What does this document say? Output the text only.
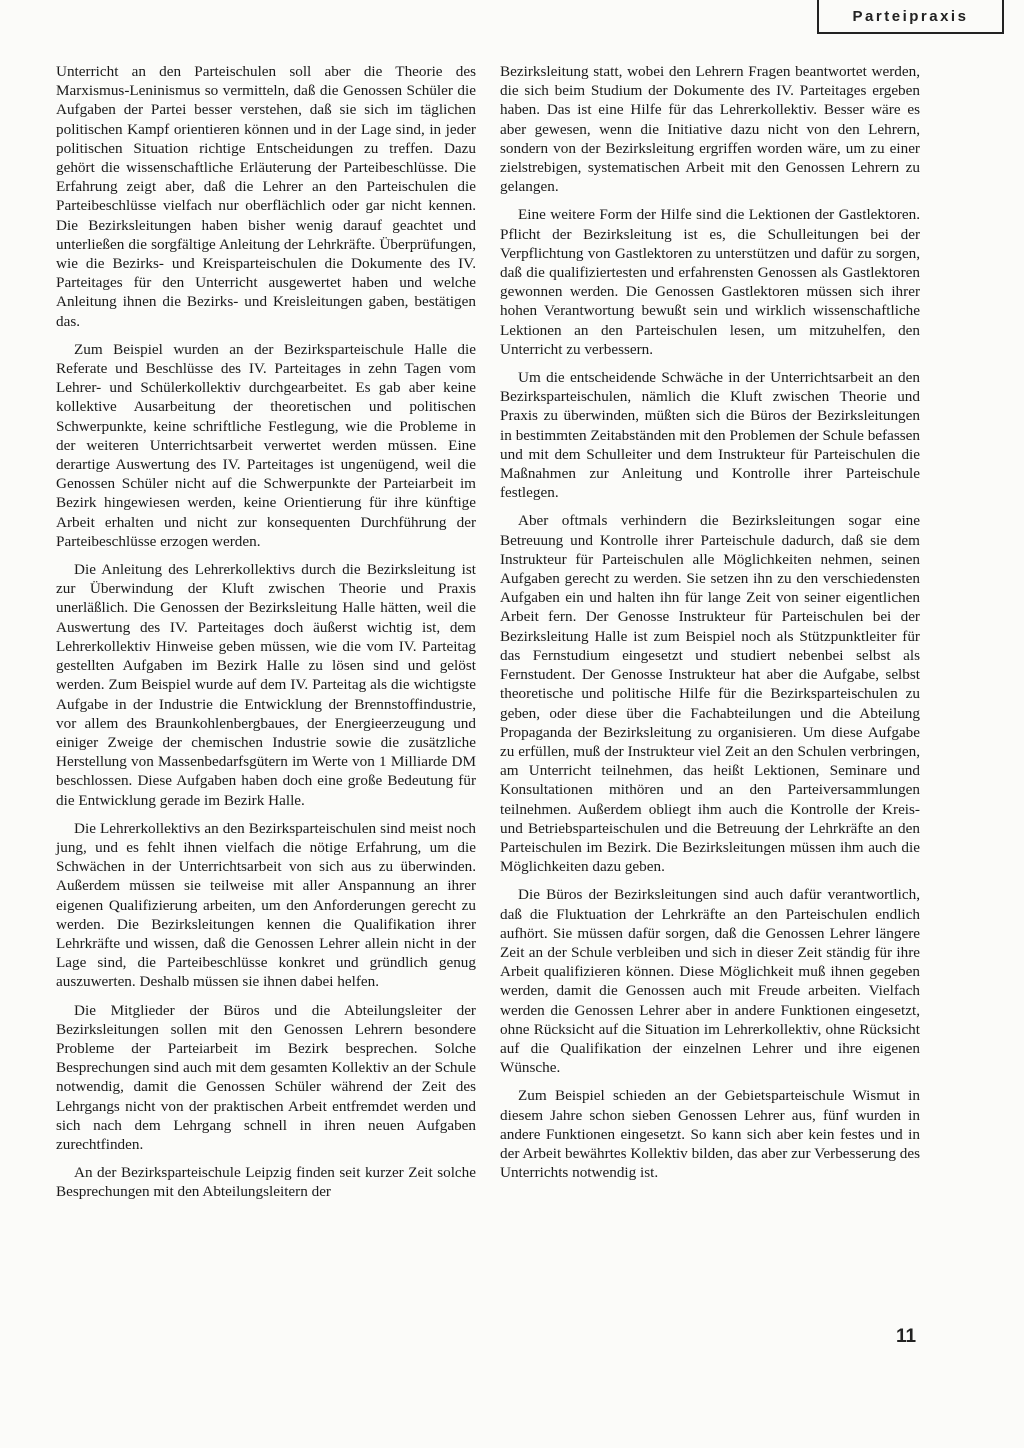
Parteipraxis

Unterricht an den Parteischulen soll aber die Theorie des Marxismus-Leninismus so vermitteln, daß die Genossen Schüler die Aufgaben der Partei besser verstehen, daß sie sich im täglichen politischen Kampf orientieren können und in der Lage sind, in jeder politischen Situation richtige Entscheidungen zu treffen. Dazu gehört die wissenschaftliche Erläuterung der Parteibeschlüsse. Die Erfahrung zeigt aber, daß die Lehrer an den Parteischulen die Parteibeschlüsse vielfach nur oberflächlich oder gar nicht kennen. Die Bezirksleitungen haben bisher wenig darauf geachtet und unterließen die sorgfältige Anleitung der Lehrkräfte. Überprüfungen, wie die Bezirks- und Kreisparteischulen die Dokumente des IV. Parteitages für den Unterricht ausgewertet haben und welche Anleitung ihnen die Bezirks- und Kreisleitungen gaben, bestätigen das.

Zum Beispiel wurden an der Bezirksparteischule Halle die Referate und Beschlüsse des IV. Parteitages in zehn Tagen vom Lehrer- und Schülerkollektiv durchgearbeitet. Es gab aber keine kollektive Ausarbeitung der theoretischen und politischen Schwerpunkte, keine schriftliche Festlegung, wie die Probleme in der weiteren Unterrichtsarbeit verwertet werden müssen. Eine derartige Auswertung des IV. Parteitages ist ungenügend, weil die Genossen Schüler nicht auf die Schwerpunkte der Parteiarbeit im Bezirk hingewiesen werden, keine Orientierung für ihre künftige Arbeit erhalten und nicht zur konsequenten Durchführung der Parteibeschlüsse erzogen werden.

Die Anleitung des Lehrerkollektivs durch die Bezirksleitung ist zur Überwindung der Kluft zwischen Theorie und Praxis unerläßlich. Die Genossen der Bezirksleitung Halle hätten, weil die Auswertung des IV. Parteitages doch äußerst wichtig ist, dem Lehrerkollektiv Hinweise geben müssen, wie die vom IV. Parteitag gestellten Aufgaben im Bezirk Halle zu lösen sind und gelöst werden. Zum Beispiel wurde auf dem IV. Parteitag als die wichtigste Aufgabe in der Industrie die Entwicklung der Brennstoffindustrie, vor allem des Braunkohlenbergbaues, der Energieerzeugung und einiger Zweige der chemischen Industrie sowie die zusätzliche Herstellung von Massenbedarfsgütern im Werte von 1 Milliarde DM beschlossen. Diese Aufgaben haben doch eine große Bedeutung für die Entwicklung gerade im Bezirk Halle.

Die Lehrerkollektivs an den Bezirksparteischulen sind meist noch jung, und es fehlt ihnen vielfach die nötige Erfahrung, um die Schwächen in der Unterrichtsarbeit von sich aus zu überwinden. Außerdem müssen sie teilweise mit aller Anspannung an ihrer eigenen Qualifizierung arbeiten, um den Anforderungen gerecht zu werden. Die Bezirksleitungen kennen die Qualifikation ihrer Lehrkräfte und wissen, daß die Genossen Lehrer allein nicht in der Lage sind, die Parteibeschlüsse konkret und gründlich genug auszuwerten. Deshalb müssen sie ihnen dabei helfen.

Die Mitglieder der Büros und die Abteilungsleiter der Bezirksleitungen sollen mit den Genossen Lehrern besondere Probleme der Parteiarbeit im Bezirk besprechen. Solche Besprechungen sind auch mit dem gesamten Kollektiv an der Schule notwendig, damit die Genossen Schüler während der Zeit des Lehrgangs nicht von der praktischen Arbeit entfremdet werden und sich nach dem Lehrgang schnell in ihren neuen Aufgaben zurechtfinden.

An der Bezirksparteischule Leipzig finden seit kurzer Zeit solche Besprechungen mit den Abteilungsleitern der

Bezirksleitung statt, wobei den Lehrern Fragen beantwortet werden, die sich beim Studium der Dokumente des IV. Parteitages ergeben haben. Das ist eine Hilfe für das Lehrerkollektiv. Besser wäre es aber gewesen, wenn die Initiative dazu nicht von den Lehrern, sondern von der Bezirksleitung ergriffen worden wäre, um zu einer zielstrebigen, systematischen Arbeit mit den Genossen Lehrern zu gelangen.

Eine weitere Form der Hilfe sind die Lektionen der Gastlektoren. Pflicht der Bezirksleitung ist es, die Schulleitungen bei der Verpflichtung von Gastlektoren zu unterstützen und dafür zu sorgen, daß die qualifiziertesten und erfahrensten Genossen als Gastlektoren gewonnen werden. Die Genossen Gastlektoren müssen sich ihrer hohen Verantwortung bewußt sein und wirklich wissenschaftliche Lektionen an den Parteischulen lesen, um mitzuhelfen, den Unterricht zu verbessern.

Um die entscheidende Schwäche in der Unterrichtsarbeit an den Bezirksparteischulen, nämlich die Kluft zwischen Theorie und Praxis zu überwinden, müßten sich die Büros der Bezirksleitungen in bestimmten Zeitabständen mit den Problemen der Schule befassen und mit dem Schulleiter und dem Instrukteur für Parteischulen die Maßnahmen zur Anleitung und Kontrolle ihrer Parteischule festlegen.

Aber oftmals verhindern die Bezirksleitungen sogar eine Betreuung und Kontrolle ihrer Parteischule dadurch, daß sie dem Instrukteur für Parteischulen alle Möglichkeiten nehmen, seinen Aufgaben gerecht zu werden. Sie setzen ihn zu den verschiedensten Aufgaben ein und halten ihn für lange Zeit von seiner eigentlichen Arbeit fern. Der Genosse Instrukteur für Parteischulen bei der Bezirksleitung Halle ist zum Beispiel noch als Stützpunktleiter für das Fernstudium eingesetzt und studiert nebenbei selbst als Fernstudent. Der Genosse Instrukteur hat aber die Aufgabe, selbst theoretische und politische Hilfe für die Bezirksparteischulen zu geben, oder diese über die Fachabteilungen und die Abteilung Propaganda der Bezirksleitung zu organisieren. Um diese Aufgabe zu erfüllen, muß der Instrukteur viel Zeit an den Schulen verbringen, am Unterricht teilnehmen, das heißt Lektionen, Seminare und Konsultationen mithören und an den Parteiversammlungen teilnehmen. Außerdem obliegt ihm auch die Kontrolle der Kreis- und Betriebsparteischulen und die Betreuung der Lehrkräfte an den Parteischulen im Bezirk. Die Bezirksleitungen müssen ihm auch die Möglichkeiten dazu geben.

Die Büros der Bezirksleitungen sind auch dafür verantwortlich, daß die Fluktuation der Lehrkräfte an den Parteischulen endlich aufhört. Sie müssen dafür sorgen, daß die Genossen Lehrer längere Zeit an der Schule verbleiben und sich in dieser Zeit ständig für ihre Arbeit qualifizieren können. Diese Möglichkeit muß ihnen gegeben werden, damit die Genossen auch mit Freude arbeiten. Vielfach werden die Genossen Lehrer aber in andere Funktionen eingesetzt, ohne Rücksicht auf die Situation im Lehrerkollektiv, ohne Rücksicht auf die Qualifikation der einzelnen Lehrer und ihre eigenen Wünsche.

Zum Beispiel schieden an der Gebietsparteischule Wismut in diesem Jahre schon sieben Genossen Lehrer aus, fünf wurden in andere Funktionen eingesetzt. So kann sich aber kein festes und in der Arbeit bewährtes Kollektiv bilden, das aber zur Verbesserung des Unterrichts notwendig ist.

11
